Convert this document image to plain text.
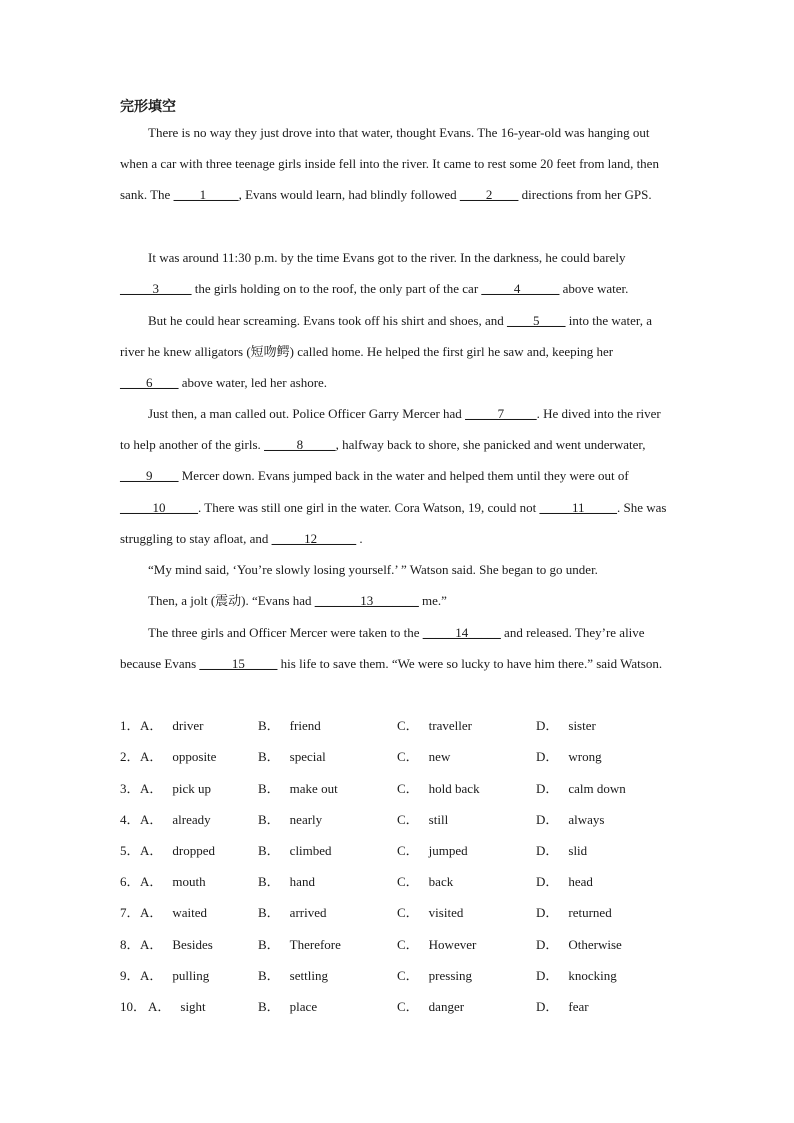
完形填空
There is no way they just drove into that water, thought Evans. The 16-year-old was hanging out when a car with three teenage girls inside fell into the river. It came to rest some 20 feet from land, then sank. The ____1_____, Evans would learn, had blindly followed ____2____ directions from her GPS.
It was around 11:30 p.m. by the time Evans got to the river. In the darkness, he could barely _____3_____ the girls holding on to the roof, the only part of the car _____4______ above water.
But he could hear screaming. Evans took off his shirt and shoes, and ____5____ into the water, a river he knew alligators (短吻鳄) called home. He helped the first girl he saw and, keeping her ____6____ above water, led her ashore.
Just then, a man called out. Police Officer Garry Mercer had _____7_____. He dived into the river to help another of the girls. _____8_____, halfway back to shore, she panicked and went underwater, ____9____ Mercer down. Evans jumped back in the water and helped them until they were out of _____10_____. There was still one girl in the water. Cora Watson, 19, could not _____11_____. She was struggling to stay afloat, and _____12______ .
“My mind said, ‘You’re slowly losing yourself.’ ” Watson said. She began to go under.
Then, a jolt (震动). “Evans had _______13_______ me.”
The three girls and Officer Mercer were taken to the _____14_____ and released. They’re alive because Evans _____15_____ his life to save them. “We were so lucky to have him there.” said Watson.
1． A． driver	B． friend	C． traveller	D． sister
2． A． opposite	B． special	C． new	D． wrong
3． A． pick up	B． make out	C． hold back	D． calm down
4． A． already	B． nearly	C． still	D． always
5． A． dropped	B． climbed	C． jumped	D． slid
6． A． mouth	B． hand	C． back	D． head
7． A． waited	B． arrived	C． visited	D． returned
8． A． Besides	B． Therefore	C． However	D． Otherwise
9． A． pulling	B． settling	C． pressing	D． knocking
10． A． sight	B． place	C． danger	D． fear
